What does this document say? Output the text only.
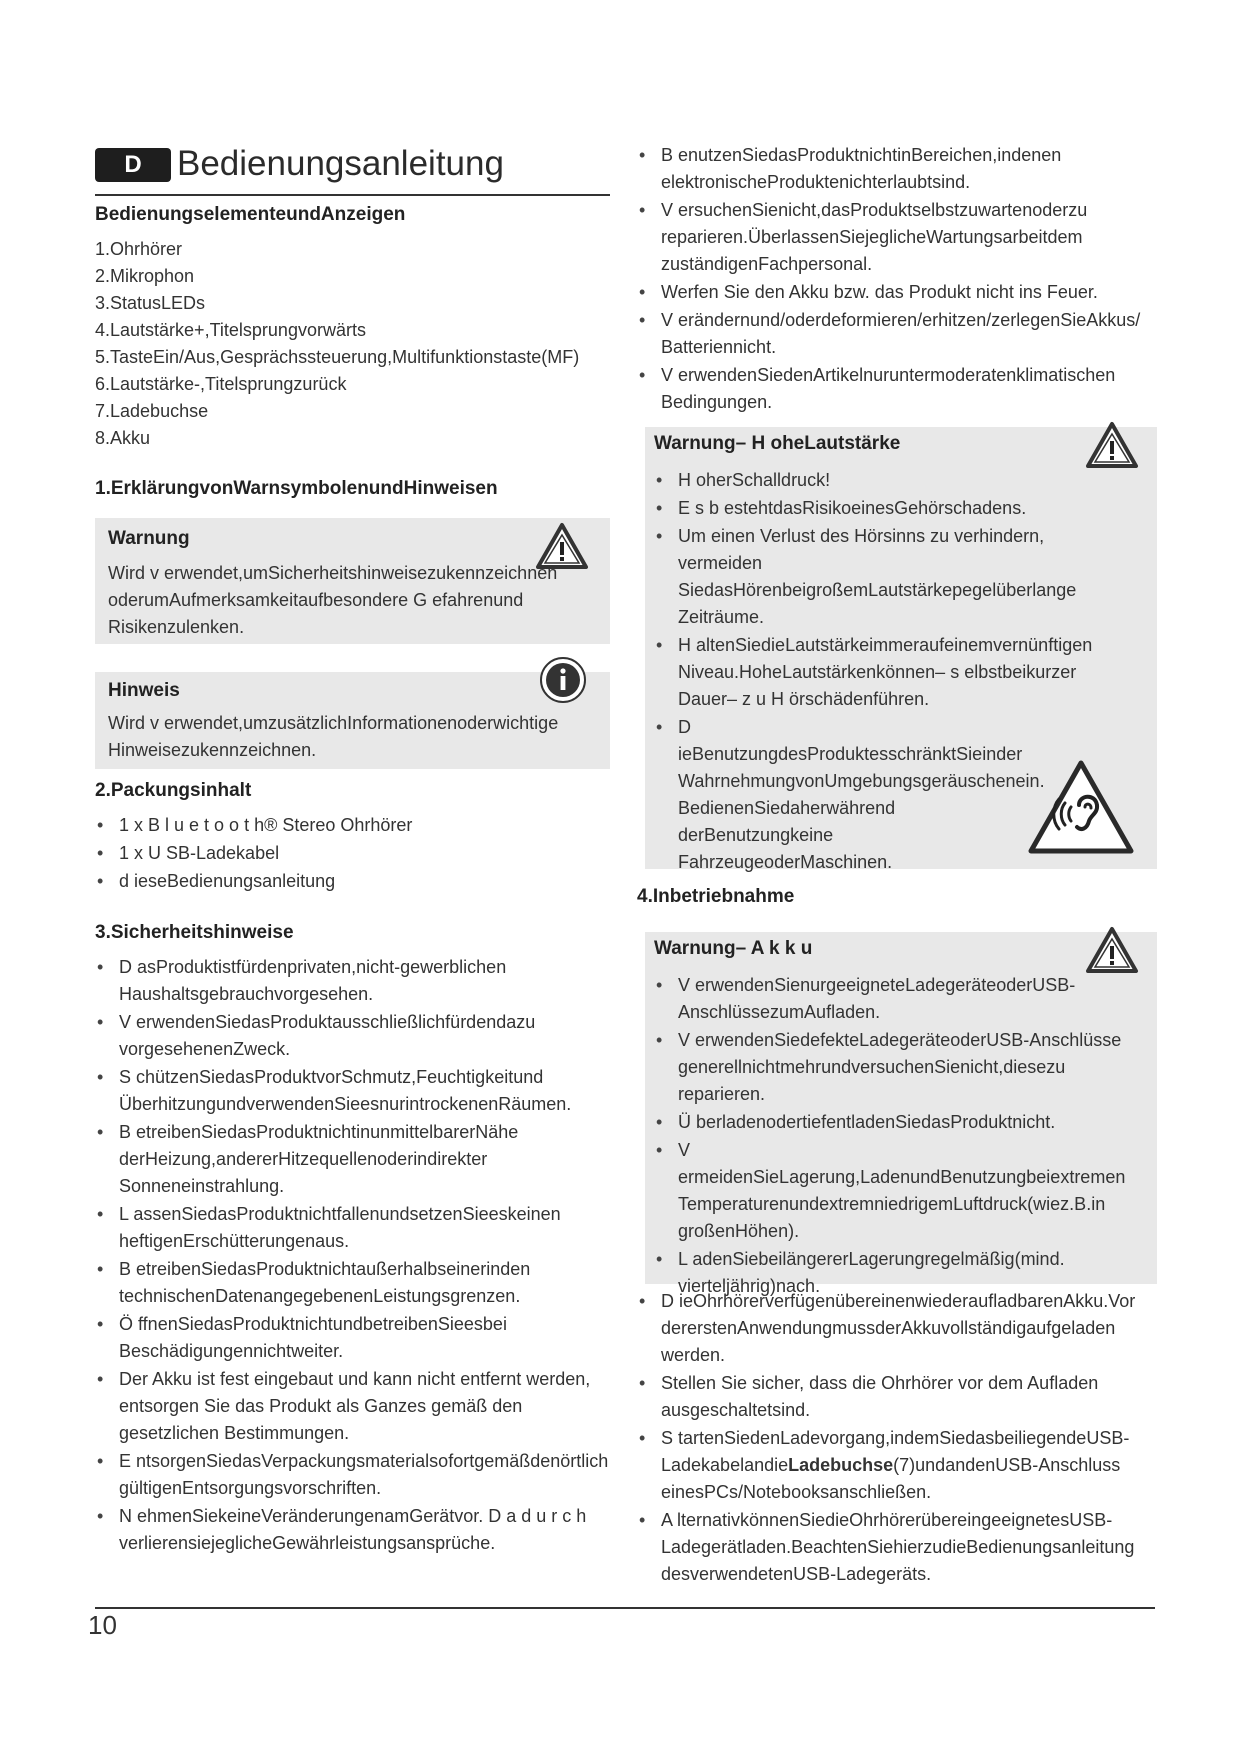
D	Bedienungsanleitung
BedienungselementeundAnzeigen
1.Ohrhörer
2.Mikrophon
3.StatusLEDs
4.Lautstärke+,Titelsprungvorwärts
5.TasteEin/Aus,Gesprächssteuerung,Multifunktionstaste(MF)
6.Lautstärke-,Titelsprungzurück
7.Ladebuchse
8.Akku
1.ErklärungvonWarnsymbolenundHinweisen
Warnung
Wird v erwendet,umSicherheitshinweisezukennzeichnen oderumAufmerksamkeitaufbesondere G efahrenund Risikenzulenken.
Hinweis
Wird v erwendet,umzusätzlichInformationenoderwichtige Hinweisezukennzeichnen.
2.Packungsinhalt
• 1 x B l u e t o o t h® Stereo Ohrhörer
• 1 x U SB-Ladekabel
• d ieseBedienungsanleitung
3.Sicherheitshinweise
• D asProduktistfürdenprivaten,nicht-gewerblichen Haushaltsgebrauchvorgesehen.
• V erwendenSiedasProduktausschließlichfürdendazu vorgesehenenZweck.
• S chützenSiedasProduktvorSchmutz,Feuchtigkeitund ÜberhitzungundverwendenSieesnurintrockenenRäumen.
• B etreibenSiedasProduktnichtinunmittelbarerNähe derHeizung,andererHitzequellenoderindirekter Sonneneinstrahlung.
• L assenSiedasProduktnichtfallenundsetzenSieeskeinen heftigenErschütterungenaus.
• B etreibenSiedasProduktnichtaußerhalbseinerinden technischenDatenangegebenenLeistungsgrenzen.
• Ö ffnenSiedasProduktnichtundbetreibenSieesbei Beschädigungennichtweiter.
• Der Akku ist fest eingebaut und kann nicht entfernt werden, entsorgen Sie das Produkt als Ganzes gemäß den gesetzlichen Bestimmungen.
• E ntsorgenSiedasVerpackungsmaterialsofortgemäßdenörtlich gültigenEntsorgungsvorschriften.
• N ehmenSiekeineVeränderungenamGerätvor. D a d u r c h verlierensiejeglicheGewährleistungsansprüche.
• B enutzenSiedasProduktnichtinBereichen,indenen elektronischeProduktenichterlaubtsind.
• V ersuchenSienicht,dasProduktselbstzuwartenoderzu reparieren.ÜberlassenSiejeglicheWartungsarbeitdem zuständigenFachpersonal.
• Werfen Sie den Akku bzw. das Produkt nicht ins Feuer.
• V erändernund/oderdeformieren/erhitzen/zerlegenSieAkkus/ Batteriennicht.
• V erwendenSiedenArtikelnuruntermoderatenklimatischen Bedingungen.
Warnung– H oheLautstärke
• H oherSchalldruck!
• E s b estehtdasRisikoeinesGehörschadens.
• Um einen Verlust des Hörsinns zu verhindern, vermeiden SiedasHörenbeigroßemLautstärkepegelüberlange Zeiträume.
• H altenSiedieLautstärkeimmeraufeinemvernünftigen Niveau.HoheLautstärkenkönnen– s elbstbeikurzer Dauer– z u H örschädenführen.
• D ieBenutzungdesProduktesschränktSieinder WahrnehmungvonUmgebungsgeräuschenein. BedienenSiedaherwährend derBenutzungkeine FahrzeugeoderMaschinen.
4.Inbetriebnahme
Warnung– A k k u
• V erwendenSienurgeeigneteLadegeräteoderUSB- AnschlüssezumAufladen.
• V erwendenSiedefekteLadegeräteoderUSB-Anschlüsse generellnichtmehrundversuchenSienicht,diesezu reparieren.
• Ü berladenodertiefentladenSiedasProduktnicht.
• V ermeidenSieLagerung,LadenundBenutzungbeiextremen TemperaturenundextremniedrigemLuftdruck(wiez.B.in großenHöhen).
• L adenSiebeilängererLagerungregelmäßig(mind. vierteljährig)nach.
• D ieOhrhörerverfügenübereinenwiederaufladbarenAkku.Vor dererstenAnwendungmussderAkkuvollständigaufgeladen werden.
• Stellen Sie sicher, dass die Ohrhörer vor dem Aufladen ausgeschaltetsind.
• S tartenSiedenLadevorgang,indemSiedasbeiliegendeUSB- LadekabelandieLadebuchse(7)undandenUSB-Anschluss einesPCs/Notebooksanschließen.
• A lternativkönnenSiedieOhrhörerübereingeeignetesUSB- Ladegerätladen.BeachtenSiehierzudieBedienungsanleitung desverwendetenUSB-Ladegeräts.
10
